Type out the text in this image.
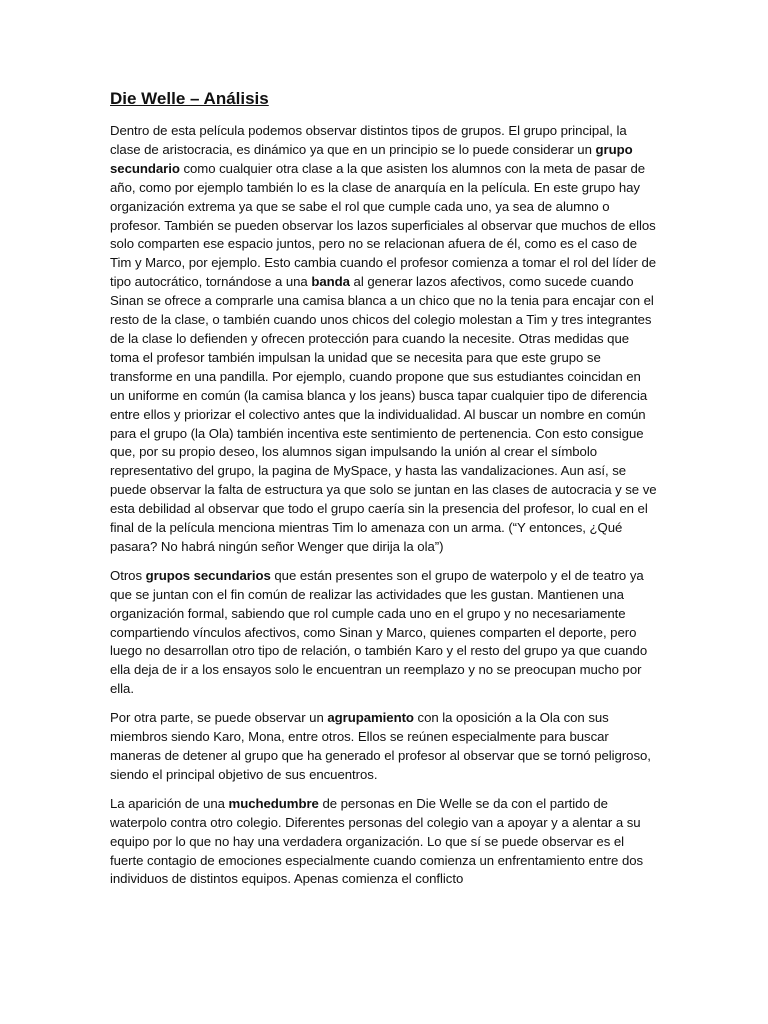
Die Welle – Análisis

Dentro de esta película podemos observar distintos tipos de grupos. El grupo principal, la clase de aristocracia, es dinámico ya que en un principio se lo puede considerar un grupo secundario como cualquier otra clase a la que asisten los alumnos con la meta de pasar de año, como por ejemplo también lo es la clase de anarquía en la película. En este grupo hay organización extrema ya que se sabe el rol que cumple cada uno, ya sea de alumno o profesor. También se pueden observar los lazos superficiales al observar que muchos de ellos solo comparten ese espacio juntos, pero no se relacionan afuera de él, como es el caso de Tim y Marco, por ejemplo. Esto cambia cuando el profesor comienza a tomar el rol del líder de tipo autocrático, tornándose a una banda al generar lazos afectivos, como sucede cuando Sinan se ofrece a comprarle una camisa blanca a un chico que no la tenia para encajar con el resto de la clase, o también cuando unos chicos del colegio molestan a Tim y tres integrantes de la clase lo defienden y ofrecen protección para cuando la necesite. Otras medidas que toma el profesor también impulsan la unidad que se necesita para que este grupo se transforme en una pandilla. Por ejemplo, cuando propone que sus estudiantes coincidan en un uniforme en común (la camisa blanca y los jeans) busca tapar cualquier tipo de diferencia entre ellos y priorizar el colectivo antes que la individualidad. Al buscar un nombre en común para el grupo (la Ola) también incentiva este sentimiento de pertenencia. Con esto consigue que, por su propio deseo, los alumnos sigan impulsando la unión al crear el símbolo representativo del grupo, la pagina de MySpace, y hasta las vandalizaciones. Aun así, se puede observar la falta de estructura ya que solo se juntan en las clases de autocracia y se ve esta debilidad al observar que todo el grupo caería sin la presencia del profesor, lo cual en el final de la película menciona mientras Tim lo amenaza con un arma. (“Y entonces, ¿Qué pasara? No habrá ningún señor Wenger que dirija la ola”)

Otros grupos secundarios que están presentes son el grupo de waterpolo y el de teatro ya que se juntan con el fin común de realizar las actividades que les gustan. Mantienen una organización formal, sabiendo que rol cumple cada uno en el grupo y no necesariamente compartiendo vínculos afectivos, como Sinan y Marco, quienes comparten el deporte, pero luego no desarrollan otro tipo de relación, o también Karo y el resto del grupo ya que cuando ella deja de ir a los ensayos solo le encuentran un reemplazo y no se preocupan mucho por ella.

Por otra parte, se puede observar un agrupamiento con la oposición a la Ola con sus miembros siendo Karo, Mona, entre otros. Ellos se reúnen especialmente para buscar maneras de detener al grupo que ha generado el profesor al observar que se tornó peligroso, siendo el principal objetivo de sus encuentros.

La aparición de una muchedumbre de personas en Die Welle se da con el partido de waterpolo contra otro colegio. Diferentes personas del colegio van a apoyar y a alentar a su equipo por lo que no hay una verdadera organización. Lo que sí se puede observar es el fuerte contagio de emociones especialmente cuando comienza un enfrentamiento entre dos individuos de distintos equipos. Apenas comienza el conflicto
